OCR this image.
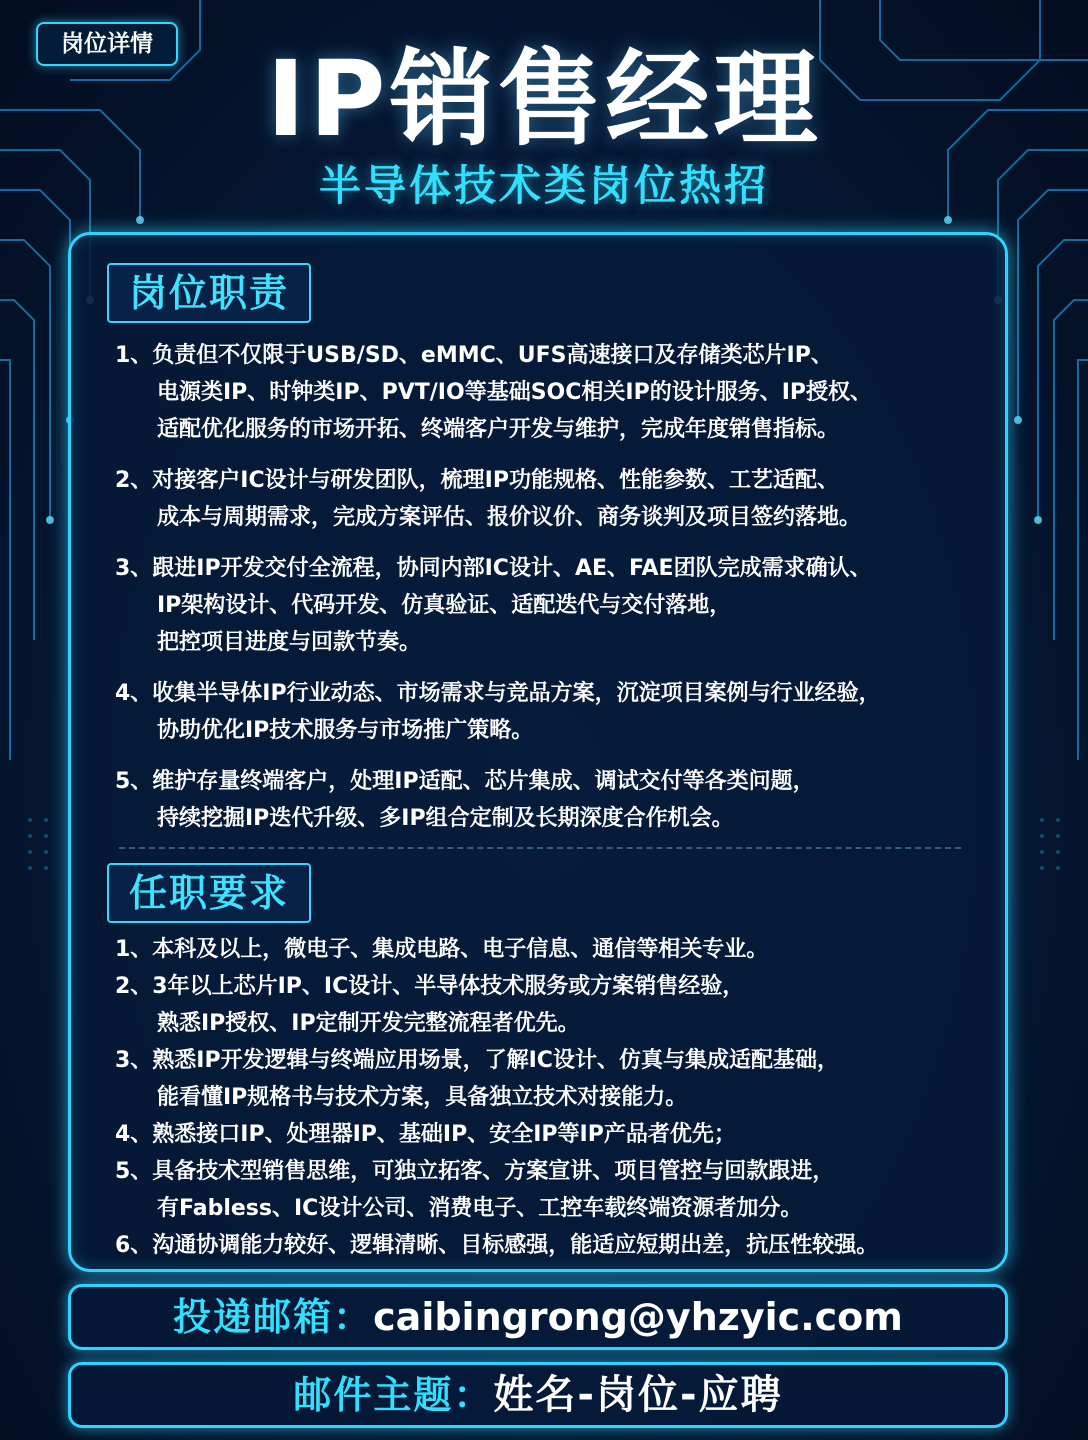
岗位详情	IP销售经理
半导体技术类岗位热招
岗位职责
1、负责但不仅限于USB/SD、eMMC、UFS高速接口及存储类芯片IP、
电源类IP、时钟类IP、PVT/IO等基础SOC相关IP的设计服务、IP授权、
适配优化服务的市场开拓、终端客户开发与维护，完成年度销售指标。
2、对接客户IC设计与研发团队，梳理IP功能规格、性能参数、工艺适配、
成本与周期需求，完成方案评估、报价议价、商务谈判及项目签约落地。
3、跟进IP开发交付全流程，协同内部IC设计、AE、FAE团队完成需求确认、
IP架构设计、代码开发、仿真验证、适配迭代与交付落地，
把控项目进度与回款节奏。
4、收集半导体IP行业动态、市场需求与竞品方案，沉淀项目案例与行业经验，
协助优化IP技术服务与市场推广策略。
5、维护存量终端客户，处理IP适配、芯片集成、调试交付等各类问题，
持续挖掘IP迭代升级、多IP组合定制及长期深度合作机会。
任职要求
1、本科及以上，微电子、集成电路、电子信息、通信等相关专业。
2、3年以上芯片IP、IC设计、半导体技术服务或方案销售经验，
熟悉IP授权、IP定制开发完整流程者优先。
3、熟悉IP开发逻辑与终端应用场景，了解IC设计、仿真与集成适配基础，
能看懂IP规格书与技术方案，具备独立技术对接能力。
4、熟悉接口IP、处理器IP、基础IP、安全IP等IP产品者优先；
5、具备技术型销售思维，可独立拓客、方案宣讲、项目管控与回款跟进，
有Fabless、IC设计公司、消费电子、工控车载终端资源者加分。
6、沟通协调能力较好、逻辑清晰、目标感强，能适应短期出差，抗压性较强。
投递邮箱：caibingrong@yhzyic.com
邮件主题：姓名-岗位-应聘
